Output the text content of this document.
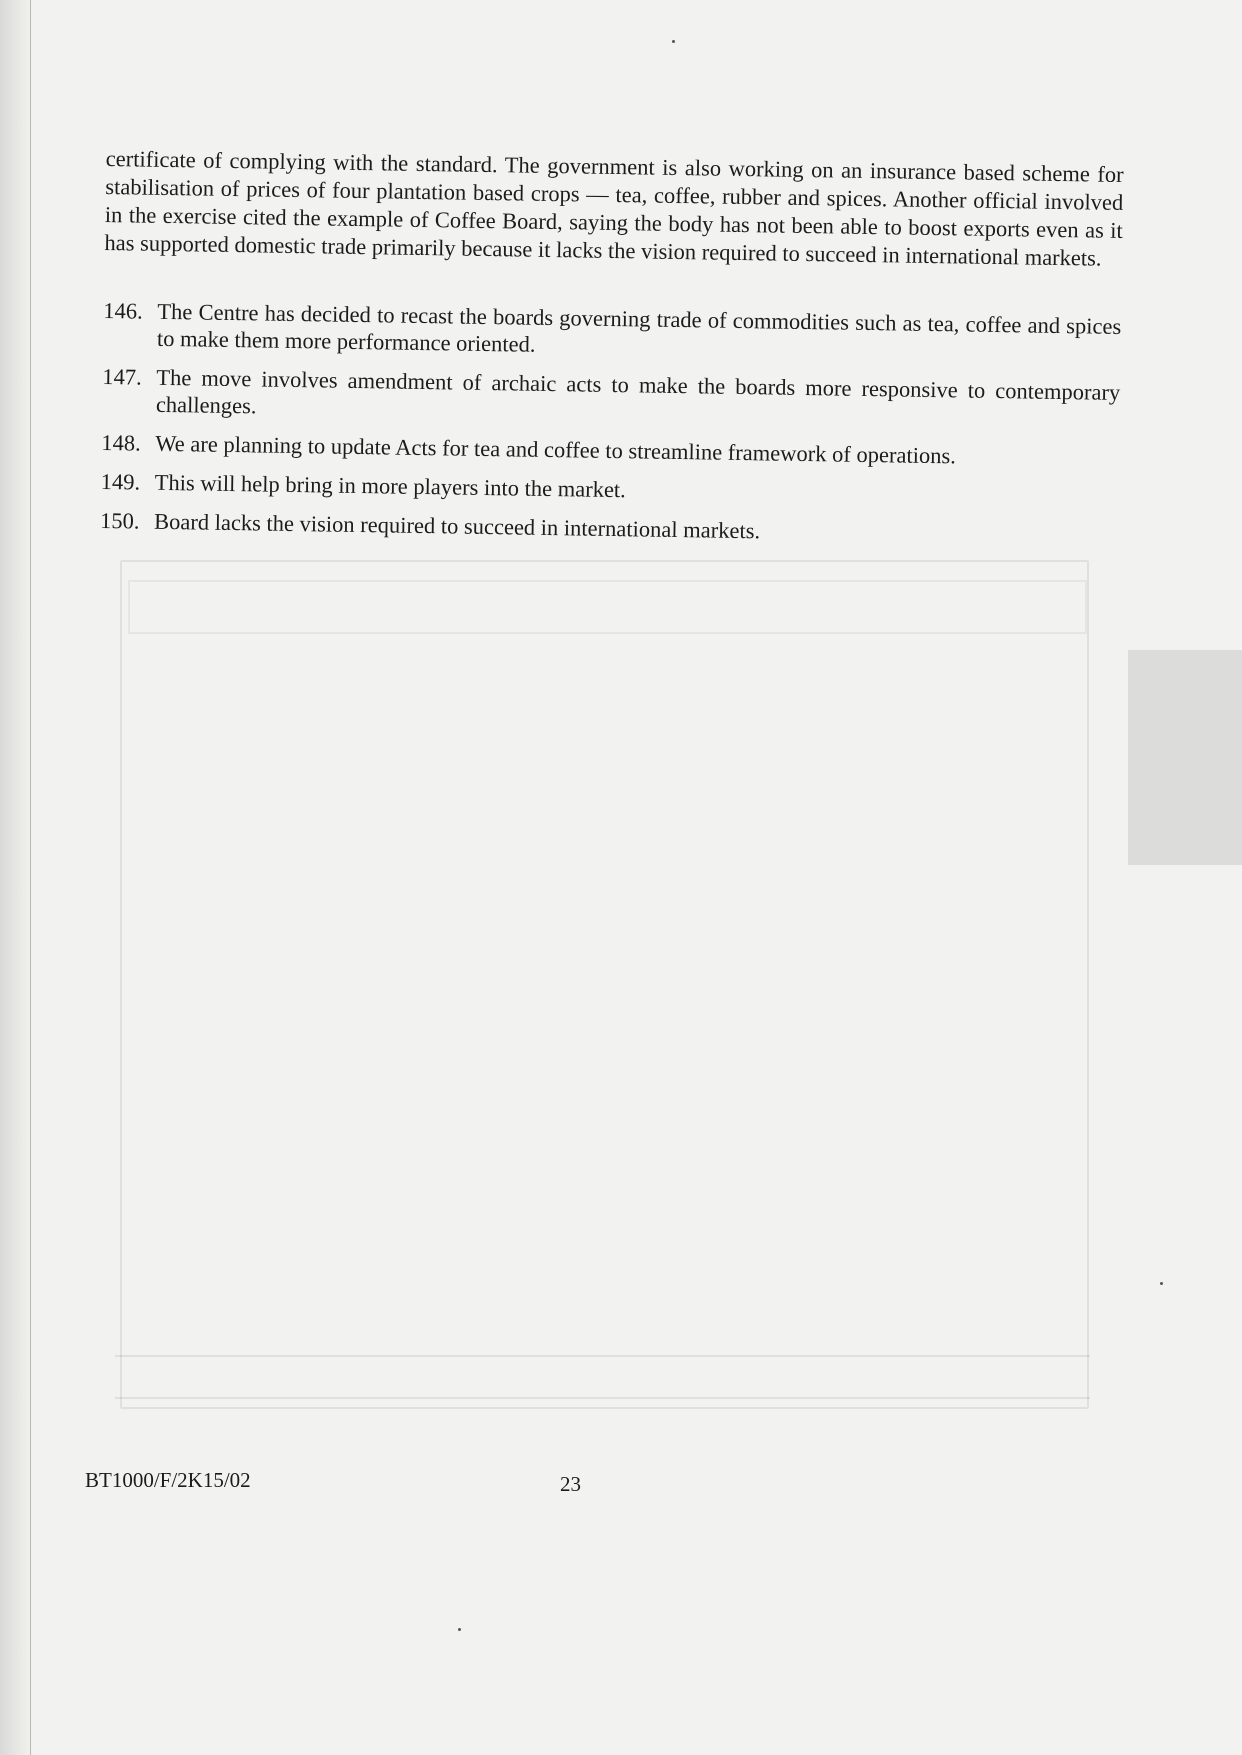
certificate of complying with the standard. The government is also working on an insurance based scheme for stabilisation of prices of four plantation based crops — tea, coffee, rubber and spices. Another official involved in the exercise cited the example of Coffee Board, saying the body has not been able to boost exports even as it has supported domestic trade primarily because it lacks the vision required to succeed in international markets.

146. The Centre has decided to recast the boards governing trade of commodities such as tea, coffee and spices to make them more performance oriented.
147. The move involves amendment of archaic acts to make the boards more responsive to contemporary challenges.
148. We are planning to update Acts for tea and coffee to streamline framework of operations.
149. This will help bring in more players into the market.
150. Board lacks the vision required to succeed in international markets.
BT1000/F/2K15/02	23
